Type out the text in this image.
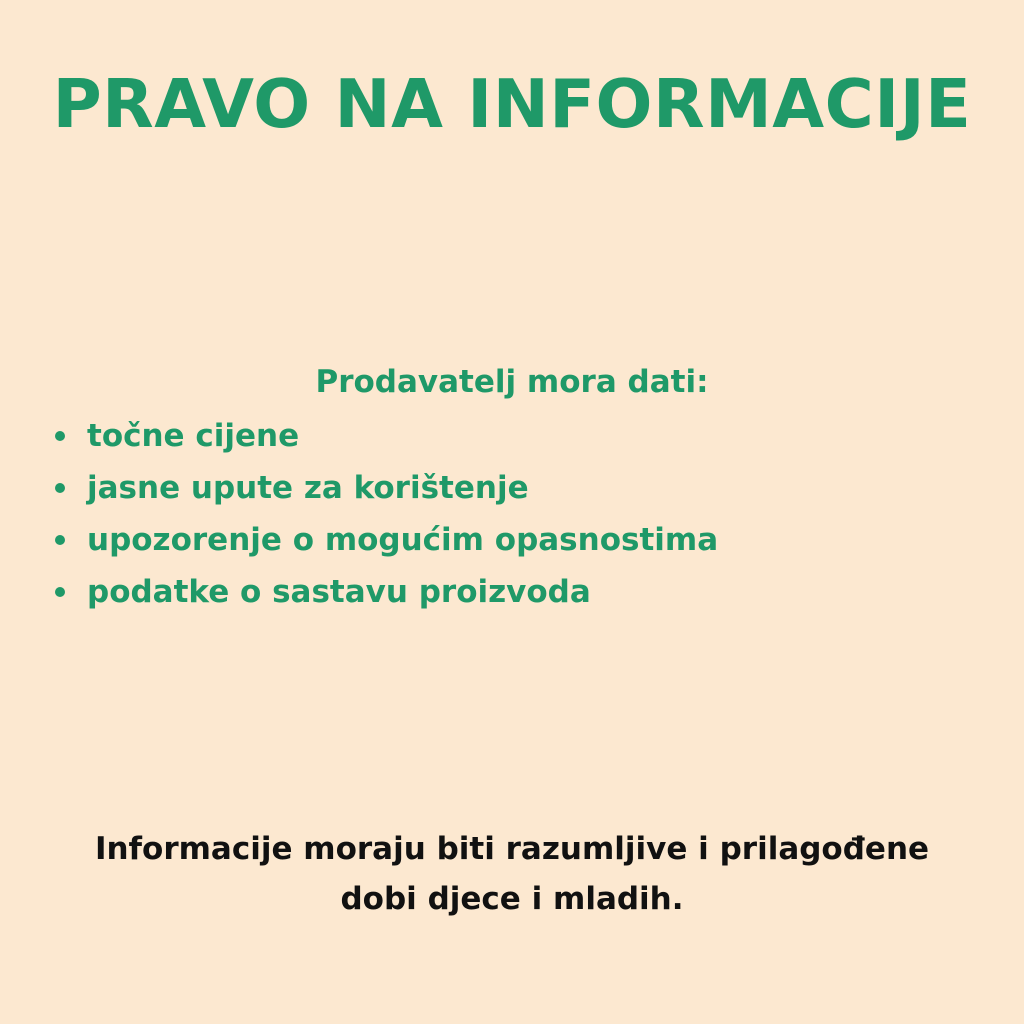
PRAVO NA INFORMACIJE

Prodavatelj mora dati:

točne cijene
jasne upute za korištenje
upozorenje o mogućim opasnostima
podatke o sastavu proizvoda

Informacije moraju biti razumljive i prilagođene
dobi djece i mladih.
